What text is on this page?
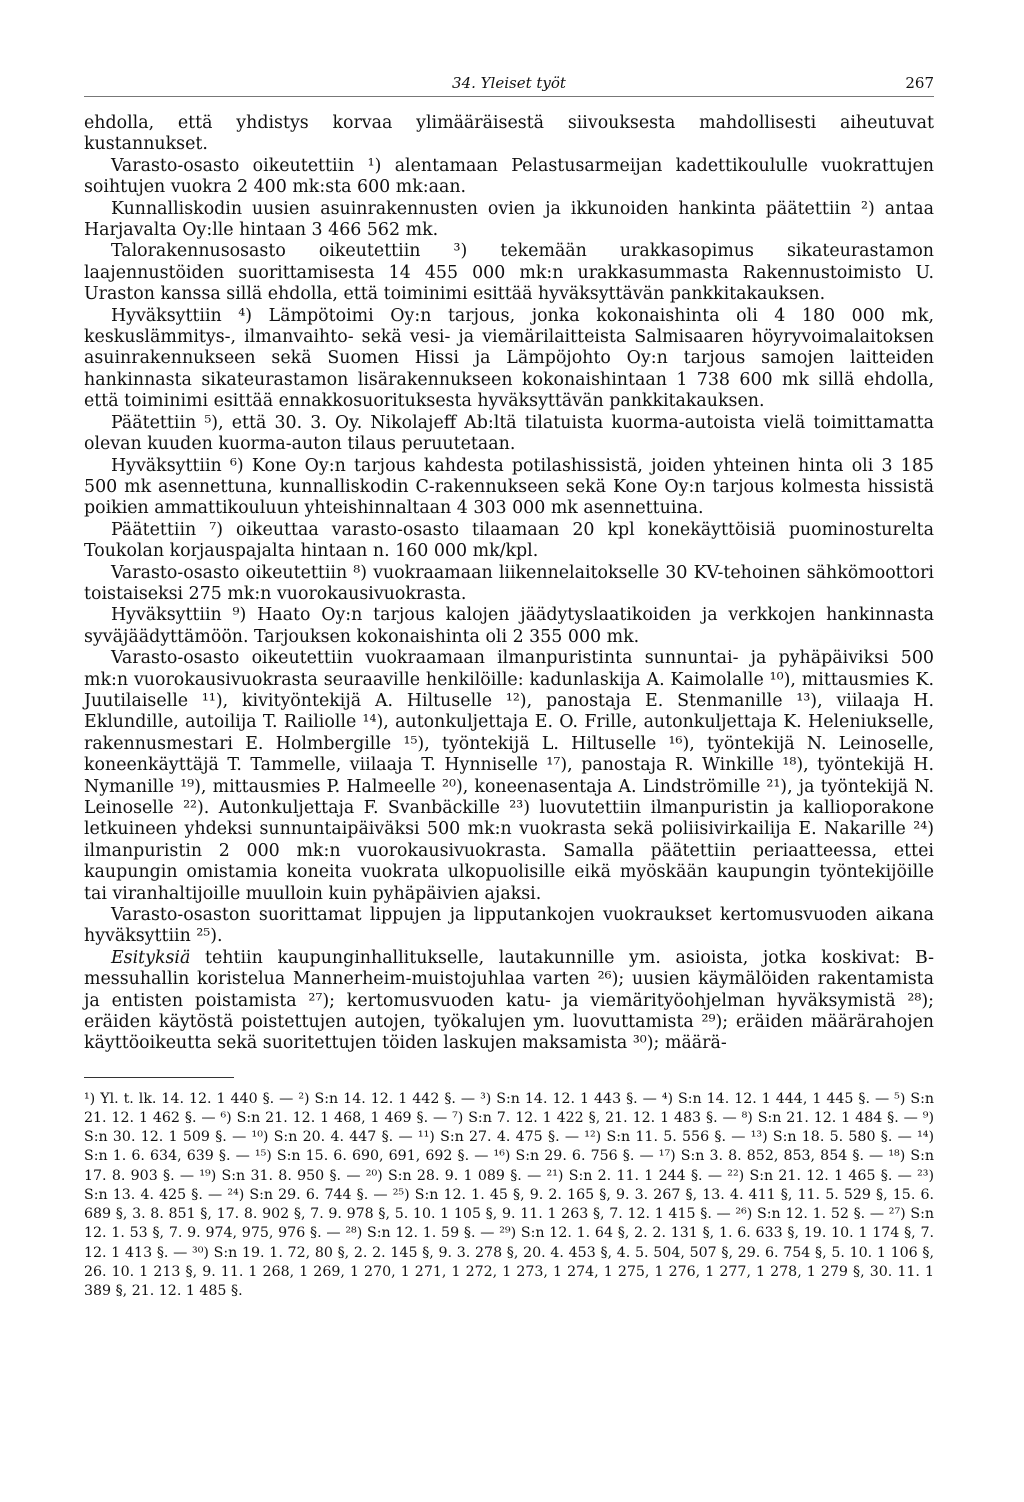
34. Yleiset työt	267

ehdolla, että yhdistys korvaa ylimääräisestä siivouksesta mahdollisesti aiheutuvat kustannukset.

Varasto-osasto oikeutettiin ¹) alentamaan Pelastusarmeijan kadettikoululle vuokrattujen soihtujen vuokra 2 400 mk:sta 600 mk:aan.

Kunnalliskodin uusien asuinrakennusten ovien ja ikkunoiden hankinta päätettiin ²) antaa Harjavalta Oy:lle hintaan 3 466 562 mk.

Talorakennusosasto oikeutettiin ³) tekemään urakkasopimus sikateurastamon laajennustöiden suorittamisesta 14 455 000 mk:n urakkasummasta Rakennustoimisto U. Uraston kanssa sillä ehdolla, että toiminimi esittää hyväksyttävän pankkitakauksen.

Hyväksyttiin ⁴) Lämpötoimi Oy:n tarjous, jonka kokonaishinta oli 4 180 000 mk, keskuslämmitys-, ilmanvaihto- sekä vesi- ja viemärilaitteista Salmisaaren höyryvoimalaitoksen asuinrakennukseen sekä Suomen Hissi ja Lämpöjohto Oy:n tarjous samojen laitteiden hankinnasta sikateurastamon lisärakennukseen kokonaishintaan 1 738 600 mk sillä ehdolla, että toiminimi esittää ennakkosuorituksesta hyväksyttävän pankkitakauksen.

Päätettiin ⁵), että 30. 3. Oy. Nikolajeff Ab:ltä tilatuista kuorma-autoista vielä toimittamatta olevan kuuden kuorma-auton tilaus peruutetaan.

Hyväksyttiin ⁶) Kone Oy:n tarjous kahdesta potilashissistä, joiden yhteinen hinta oli 3 185 500 mk asennettuna, kunnalliskodin C-rakennukseen sekä Kone Oy:n tarjous kolmesta hissistä poikien ammattikouluun yhteishinnaltaan 4 303 000 mk asennettuina.

Päätettiin ⁷) oikeuttaa varasto-osasto tilaamaan 20 kpl konekäyttöisiä puominosturelta Toukolan korjauspajalta hintaan n. 160 000 mk/kpl.

Varasto-osasto oikeutettiin ⁸) vuokraamaan liikennelaitokselle 30 KV-tehoinen sähkömoottori toistaiseksi 275 mk:n vuorokausivuokrasta.

Hyväksyttiin ⁹) Haato Oy:n tarjous kalojen jäädytyslaatikoiden ja verkkojen hankinnasta syväjäädyttämöön. Tarjouksen kokonaishinta oli 2 355 000 mk.

Varasto-osasto oikeutettiin vuokraamaan ilmanpuristinta sunnuntai- ja pyhäpäiviksi 500 mk:n vuorokausivuokrasta seuraaville henkilöille: kadunlaskija A. Kaimolalle ¹⁰), mittausmies K. Juutilaiselle ¹¹), kivityöntekijä A. Hiltuselle ¹²), panostaja E. Stenmanille ¹³), viilaaja H. Eklundille, autoilija T. Railiolle ¹⁴), autonkuljettaja E. O. Frille, autonkuljettaja K. Heleniukselle, rakennusmestari E. Holmbergille ¹⁵), työntekijä L. Hiltuselle ¹⁶), työntekijä N. Leinoselle, koneenkäyttäjä T. Tammelle, viilaaja T. Hynniselle ¹⁷), panostaja R. Winkille ¹⁸), työntekijä H. Nymanille ¹⁹), mittausmies P. Halmeelle ²⁰), koneenasentaja A. Lindströmille ²¹), ja työntekijä N. Leinoselle ²²). Autonkuljettaja F. Svanbäckille ²³) luovutettiin ilmanpuristin ja kallioporakone letkuineen yhdeksi sunnuntaipäiväksi 500 mk:n vuokrasta sekä poliisivirkailija E. Nakarille ²⁴) ilmanpuristin 2 000 mk:n vuorokausivuokrasta. Samalla päätettiin periaatteessa, ettei kaupungin omistamia koneita vuokrata ulkopuolisille eikä myöskään kaupungin työntekijöille tai viranhaltijoille muulloin kuin pyhäpäivien ajaksi.

Varasto-osaston suorittamat lippujen ja lipputankojen vuokraukset kertomusvuoden aikana hyväksyttiin ²⁵).

Esityksiä tehtiin kaupunginhallitukselle, lautakunnille ym. asioista, jotka koskivat: B-messuhallin koristelua Mannerheim-muistojuhlaa varten ²⁶); uusien käymälöiden rakentamista ja entisten poistamista ²⁷); kertomusvuoden katu- ja viemärityöohjelman hyväksymistä ²⁸); eräiden käytöstä poistettujen autojen, työkalujen ym. luovuttamista ²⁹); eräiden määrärahojen käyttöoikeutta sekä suoritettujen töiden laskujen maksamista ³⁰); määrä-

¹) Yl. t. lk. 14. 12. 1 440 §. — ²) S:n 14. 12. 1 442 §. — ³) S:n 14. 12. 1 443 §. — ⁴) S:n 14. 12. 1 444, 1 445 §. — ⁵) S:n 21. 12. 1 462 §. — ⁶) S:n 21. 12. 1 468, 1 469 §. — ⁷) S:n 7. 12. 1 422 §, 21. 12. 1 483 §. — ⁸) S:n 21. 12. 1 484 §. — ⁹) S:n 30. 12. 1 509 §. — ¹⁰) S:n 20. 4. 447 §. — ¹¹) S:n 27. 4. 475 §. — ¹²) S:n 11. 5. 556 §. — ¹³) S:n 18. 5. 580 §. — ¹⁴) S:n 1. 6. 634, 639 §. — ¹⁵) S:n 15. 6. 690, 691, 692 §. — ¹⁶) S:n 29. 6. 756 §. — ¹⁷) S:n 3. 8. 852, 853, 854 §. — ¹⁸) S:n 17. 8. 903 §. — ¹⁹) S:n 31. 8. 950 §. — ²⁰) S:n 28. 9. 1 089 §. — ²¹) S:n 2. 11. 1 244 §. — ²²) S:n 21. 12. 1 465 §. — ²³) S:n 13. 4. 425 §. — ²⁴) S:n 29. 6. 744 §. — ²⁵) S:n 12. 1. 45 §, 9. 2. 165 §, 9. 3. 267 §, 13. 4. 411 §, 11. 5. 529 §, 15. 6. 689 §, 3. 8. 851 §, 17. 8. 902 §, 7. 9. 978 §, 5. 10. 1 105 §, 9. 11. 1 263 §, 7. 12. 1 415 §. — ²⁶) S:n 12. 1. 52 §. — ²⁷) S:n 12. 1. 53 §, 7. 9. 974, 975, 976 §. — ²⁸) S:n 12. 1. 59 §. — ²⁹) S:n 12. 1. 64 §, 2. 2. 131 §, 1. 6. 633 §, 19. 10. 1 174 §, 7. 12. 1 413 §. — ³⁰) S:n 19. 1. 72, 80 §, 2. 2. 145 §, 9. 3. 278 §, 20. 4. 453 §, 4. 5. 504, 507 §, 29. 6. 754 §, 5. 10. 1 106 §, 26. 10. 1 213 §, 9. 11. 1 268, 1 269, 1 270, 1 271, 1 272, 1 273, 1 274, 1 275, 1 276, 1 277, 1 278, 1 279 §, 30. 11. 1 389 §, 21. 12. 1 485 §.
